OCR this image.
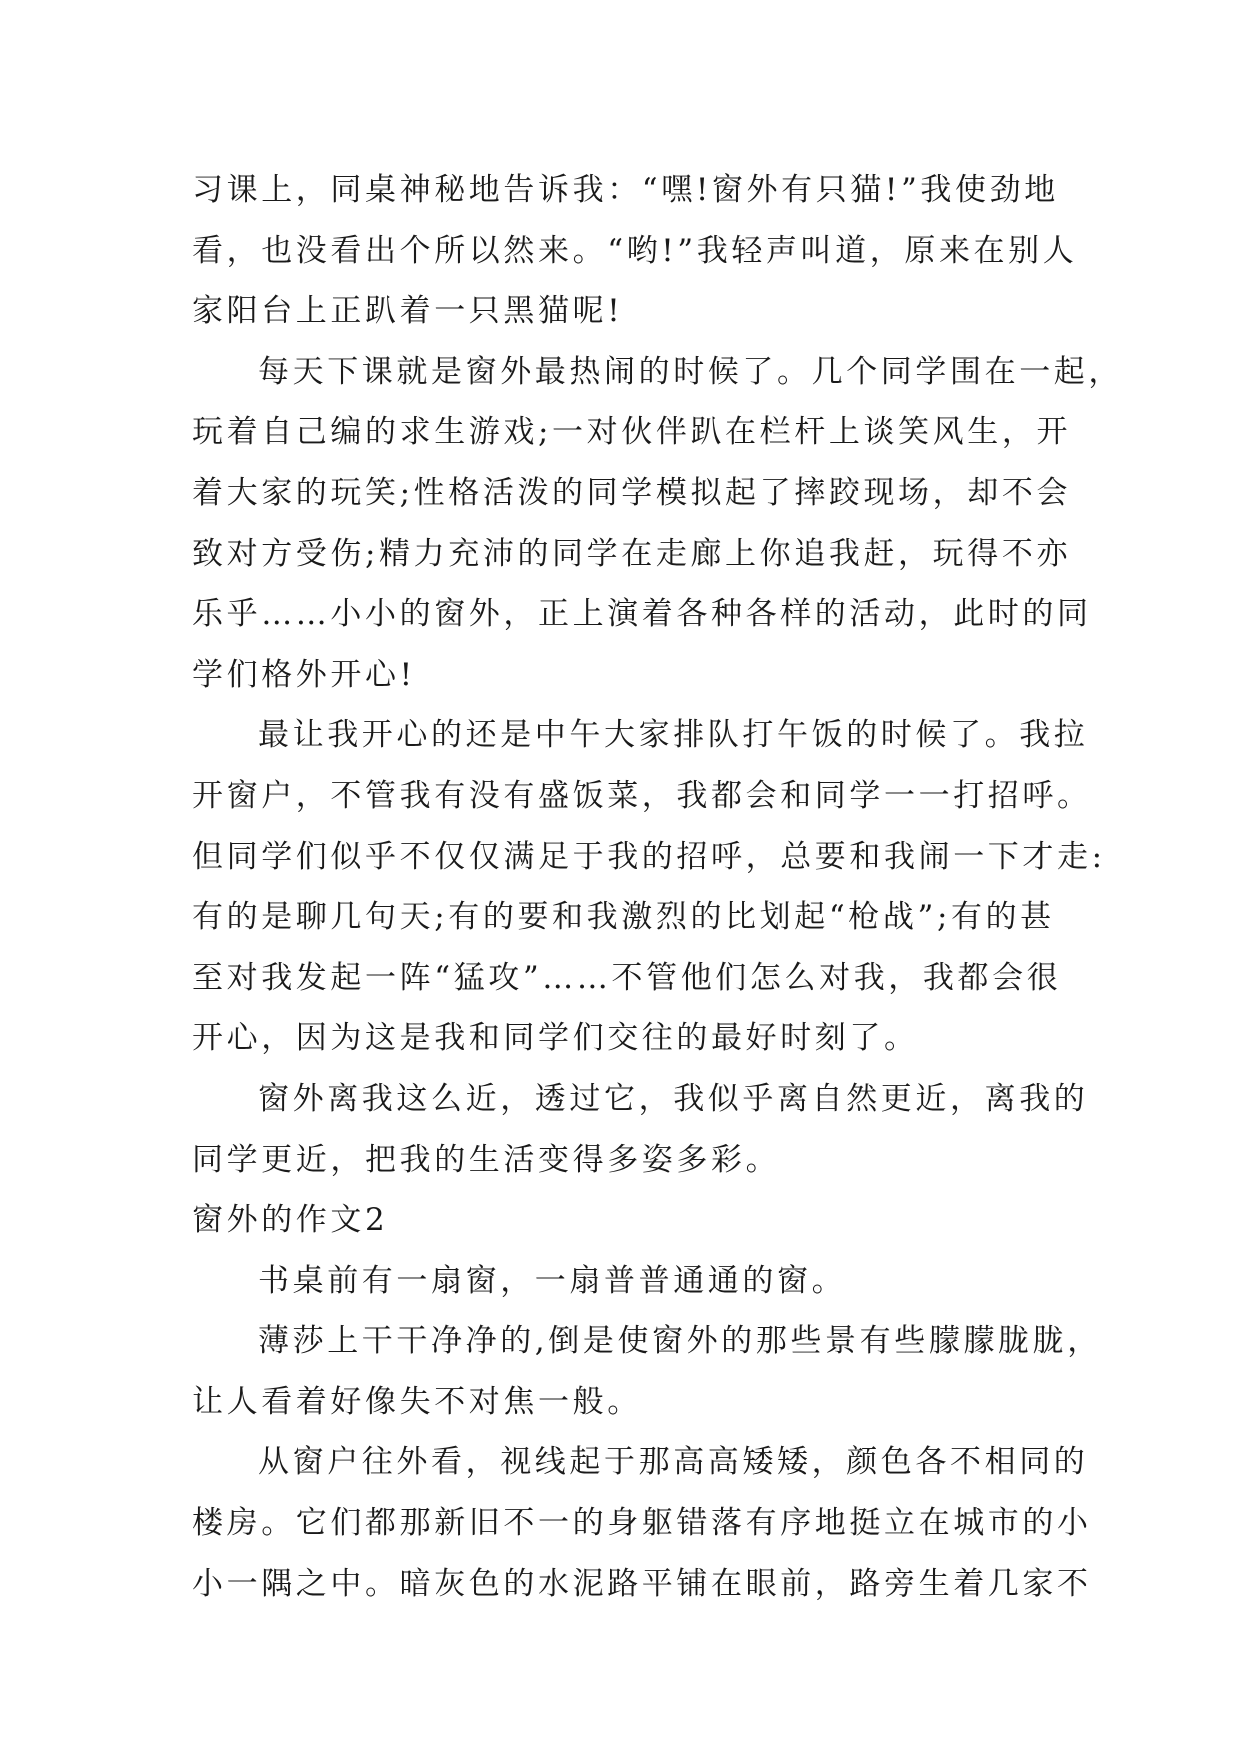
习课上，同桌神秘地告诉我：“嘿!窗外有只猫!”我使劲地
看，也没看出个所以然来。“哟!”我轻声叫道，原来在别人
家阳台上正趴着一只黑猫呢!
每天下课就是窗外最热闹的时候了。几个同学围在一起，
玩着自己编的求生游戏;一对伙伴趴在栏杆上谈笑风生，开
着大家的玩笑;性格活泼的同学模拟起了摔跤现场，却不会
致对方受伤;精力充沛的同学在走廊上你追我赶，玩得不亦
乐乎……小小的窗外，正上演着各种各样的活动，此时的同
学们格外开心!
最让我开心的还是中午大家排队打午饭的时候了。我拉
开窗户，不管我有没有盛饭菜，我都会和同学一一打招呼。
但同学们似乎不仅仅满足于我的招呼，总要和我闹一下才走:
有的是聊几句天;有的要和我激烈的比划起“枪战”;有的甚
至对我发起一阵“猛攻”……不管他们怎么对我，我都会很
开心，因为这是我和同学们交往的最好时刻了。
窗外离我这么近，透过它，我似乎离自然更近，离我的
同学更近，把我的生活变得多姿多彩。
窗外的作文2
书桌前有一扇窗，一扇普普通通的窗。
薄莎上干干净净的,倒是使窗外的那些景有些朦朦胧胧，
让人看着好像失不对焦一般。
从窗户往外看，视线起于那高高矮矮，颜色各不相同的
楼房。它们都那新旧不一的身躯错落有序地挺立在城市的小
小一隅之中。暗灰色的水泥路平铺在眼前，路旁生着几家不
